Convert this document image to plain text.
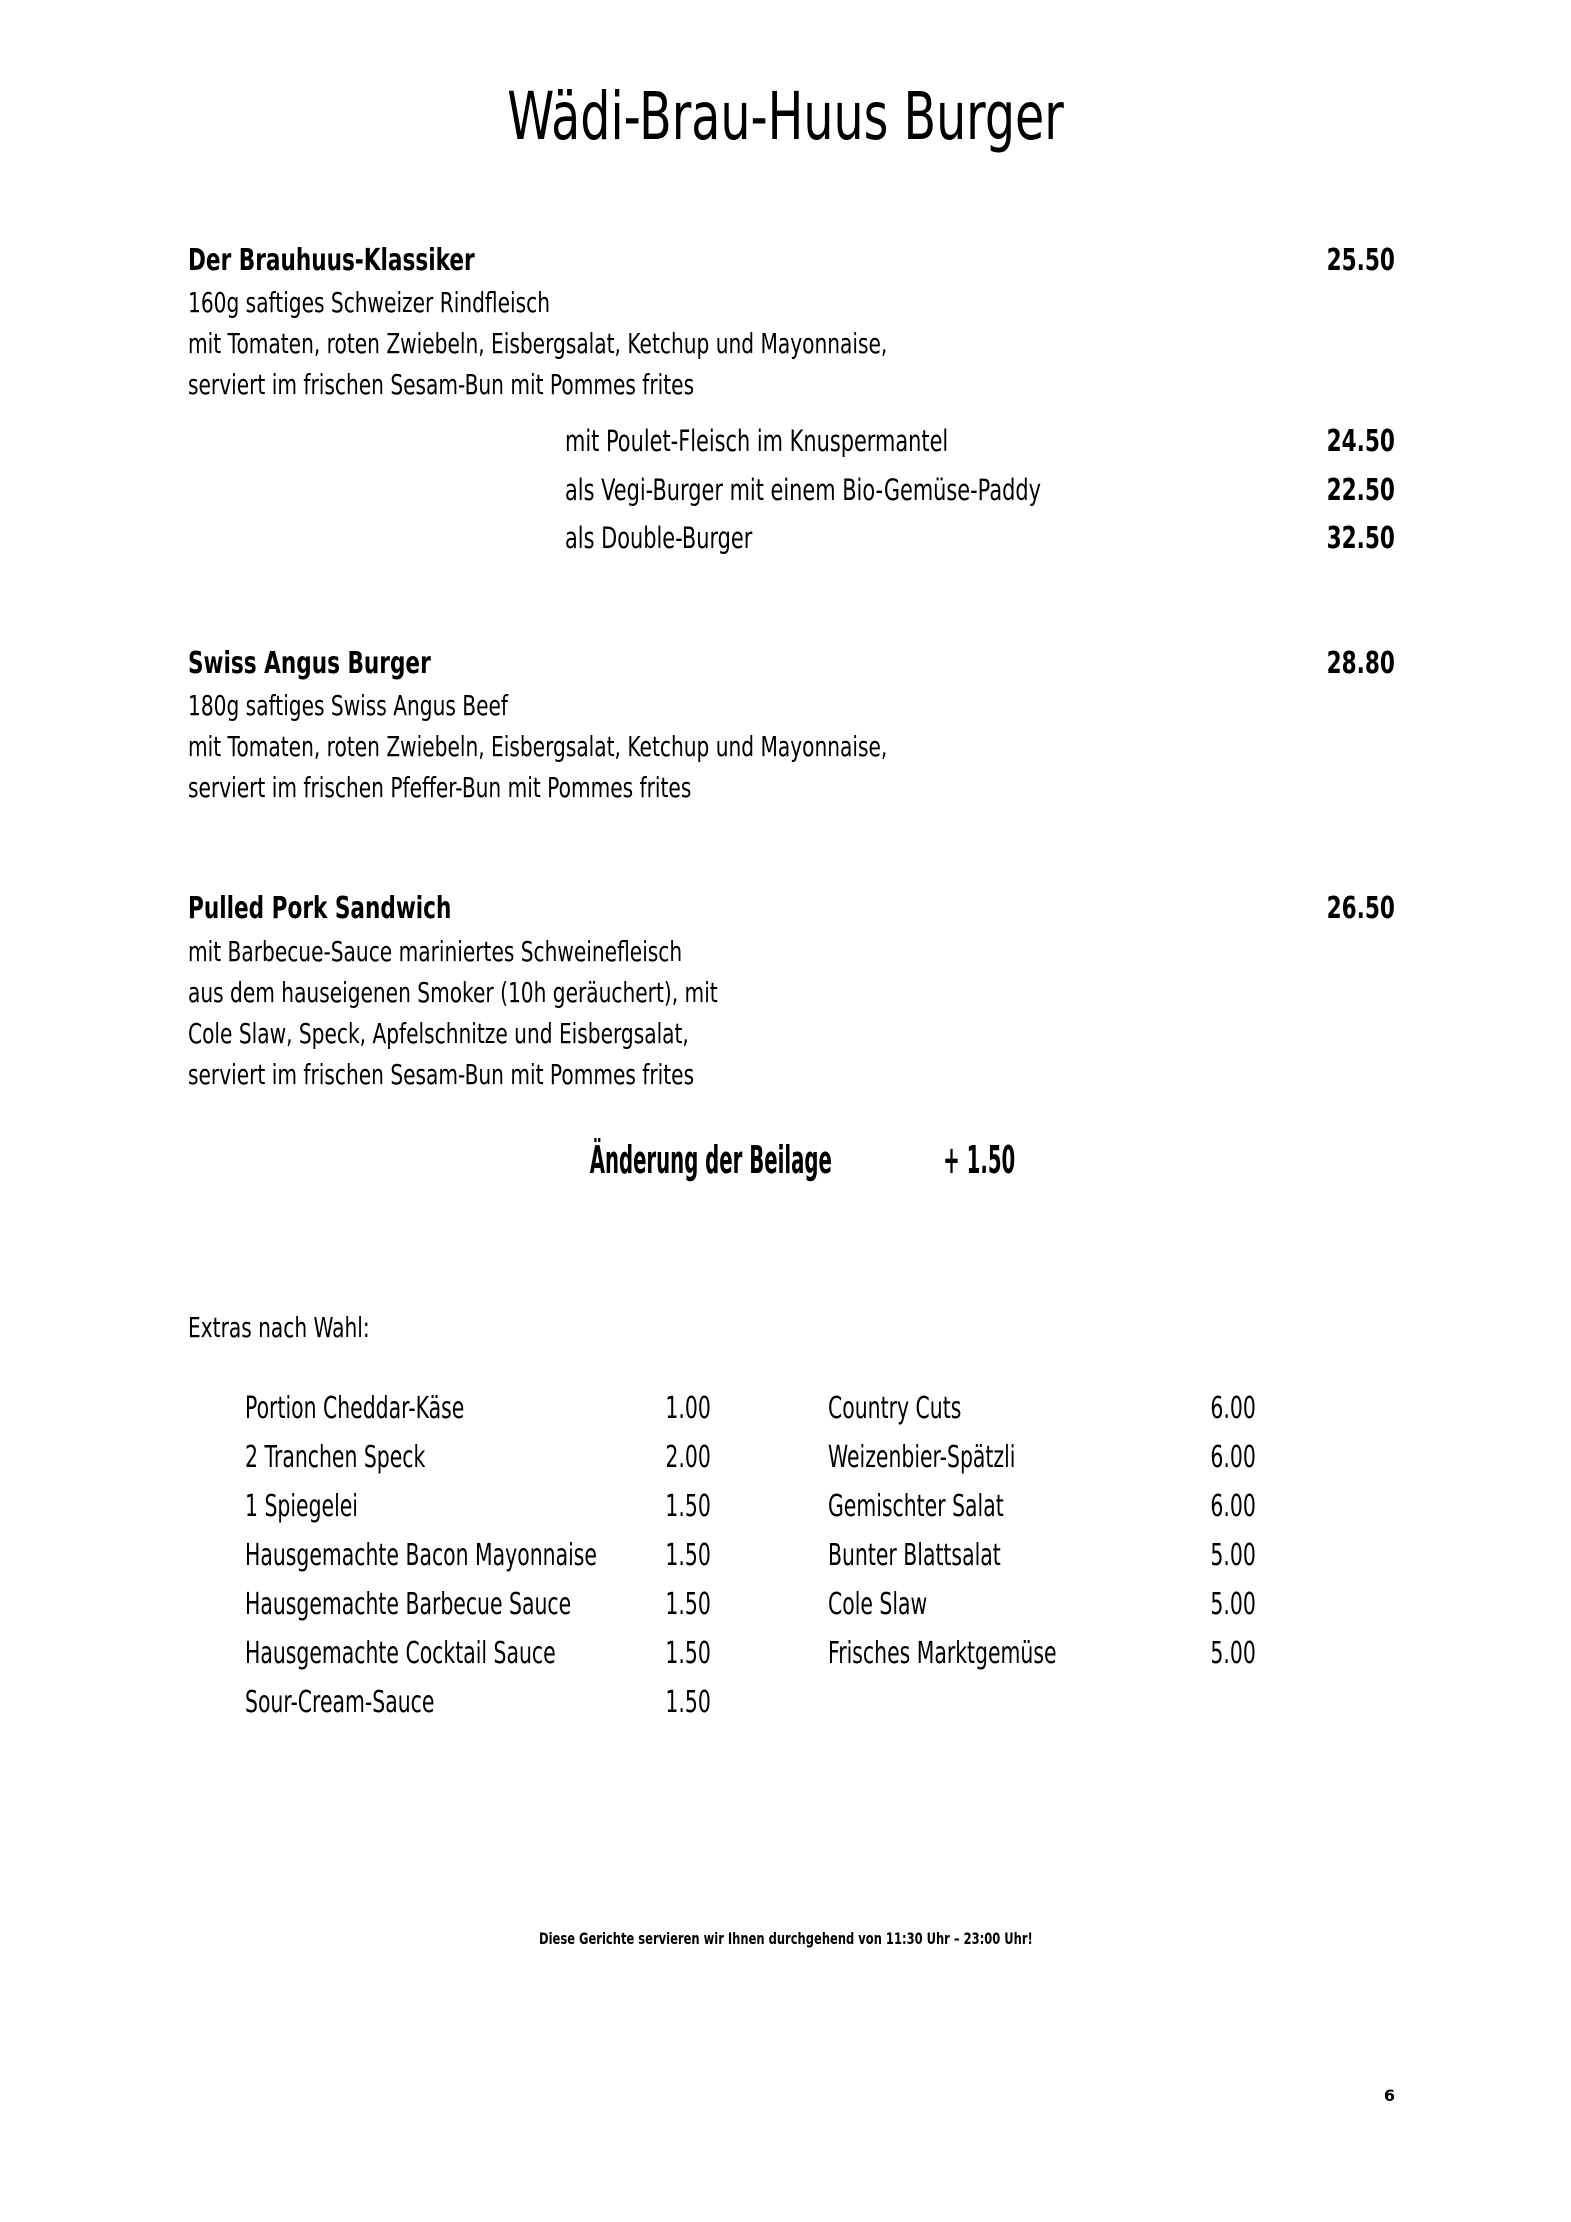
Wädi-Brau-Huus Burger
Der Brauhuus-Klassiker	25.50
160g saftiges Schweizer Rindfleisch
mit Tomaten, roten Zwiebeln, Eisbergsalat, Ketchup und Mayonnaise,
serviert im frischen Sesam-Bun mit Pommes frites
mit Poulet-Fleisch im Knuspermantel	24.50
als Vegi-Burger mit einem Bio-Gemüse-Paddy	22.50
als Double-Burger	32.50
Swiss Angus Burger	28.80
180g saftiges Swiss Angus Beef
mit Tomaten, roten Zwiebeln, Eisbergsalat, Ketchup und Mayonnaise,
serviert im frischen Pfeffer-Bun mit Pommes frites
Pulled Pork Sandwich	26.50
mit Barbecue-Sauce mariniertes Schweinefleisch
aus dem hauseigenen Smoker (10h geräuchert), mit
Cole Slaw, Speck, Apfelschnitze und Eisbergsalat,
serviert im frischen Sesam-Bun mit Pommes frites
Änderung der Beilage	+ 1.50
Extras nach Wahl:
Portion Cheddar-Käse	1.00
2 Tranchen Speck	2.00
1 Spiegelei	1.50
Hausgemachte Bacon Mayonnaise	1.50
Hausgemachte Barbecue Sauce	1.50
Hausgemachte Cocktail Sauce	1.50
Sour-Cream-Sauce	1.50
Country Cuts	6.00
Weizenbier-Spätzli	6.00
Gemischter Salat	6.00
Bunter Blattsalat	5.00
Cole Slaw	5.00
Frisches Marktgemüse	5.00
Diese Gerichte servieren wir Ihnen durchgehend von 11:30 Uhr – 23:00 Uhr!
6
